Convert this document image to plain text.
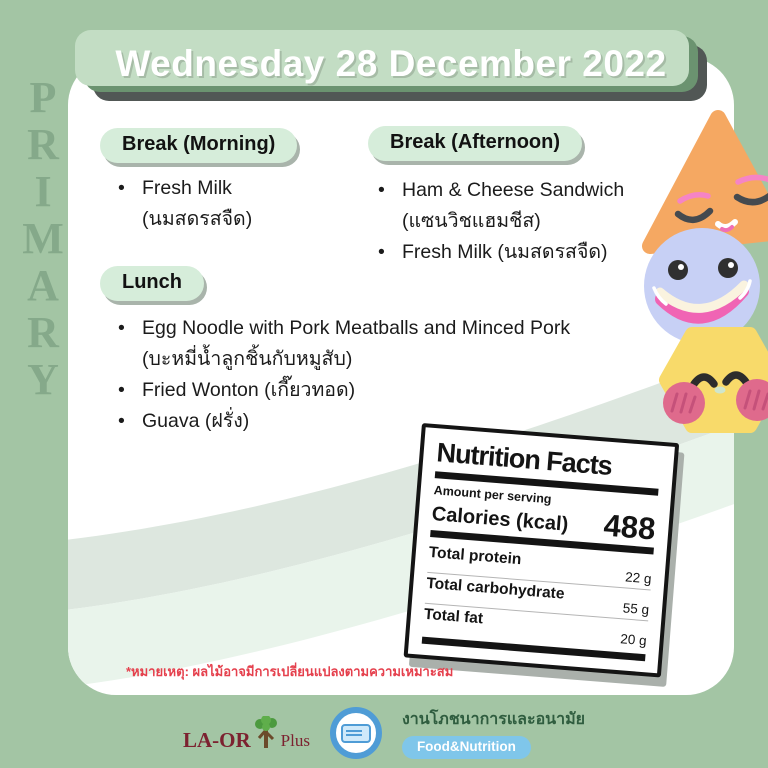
P
R
I
M
A
R
Y
Break (Morning)
• Fresh Milk
(นมสดรสจืด)
Break (Afternoon)
• Ham & Cheese Sandwich
(แซนวิชแฮมชีส)
• Fresh Milk (นมสดรสจืด)
Lunch
• Egg Noodle with Pork Meatballs and Minced Pork
(บะหมี่น้ำลูกชิ้นกับหมูสับ)
• Fried Wonton (เกี๊ยวทอด)
• Guava (ฝรั่ง)
Nutrition Facts
Amount per serving
Calories (kcal) 488
Total protein
22 g
Total carbohydrate
55 g
Total fat
20 g
*หมายเหตุ: ผลไม้อาจมีการเปลี่ยนแปลงตามความเหมาะสม
Wednesday 28 December 2022
LA-OR Plus
งานโภชนาการและอนามัย
Food&Nutrition
